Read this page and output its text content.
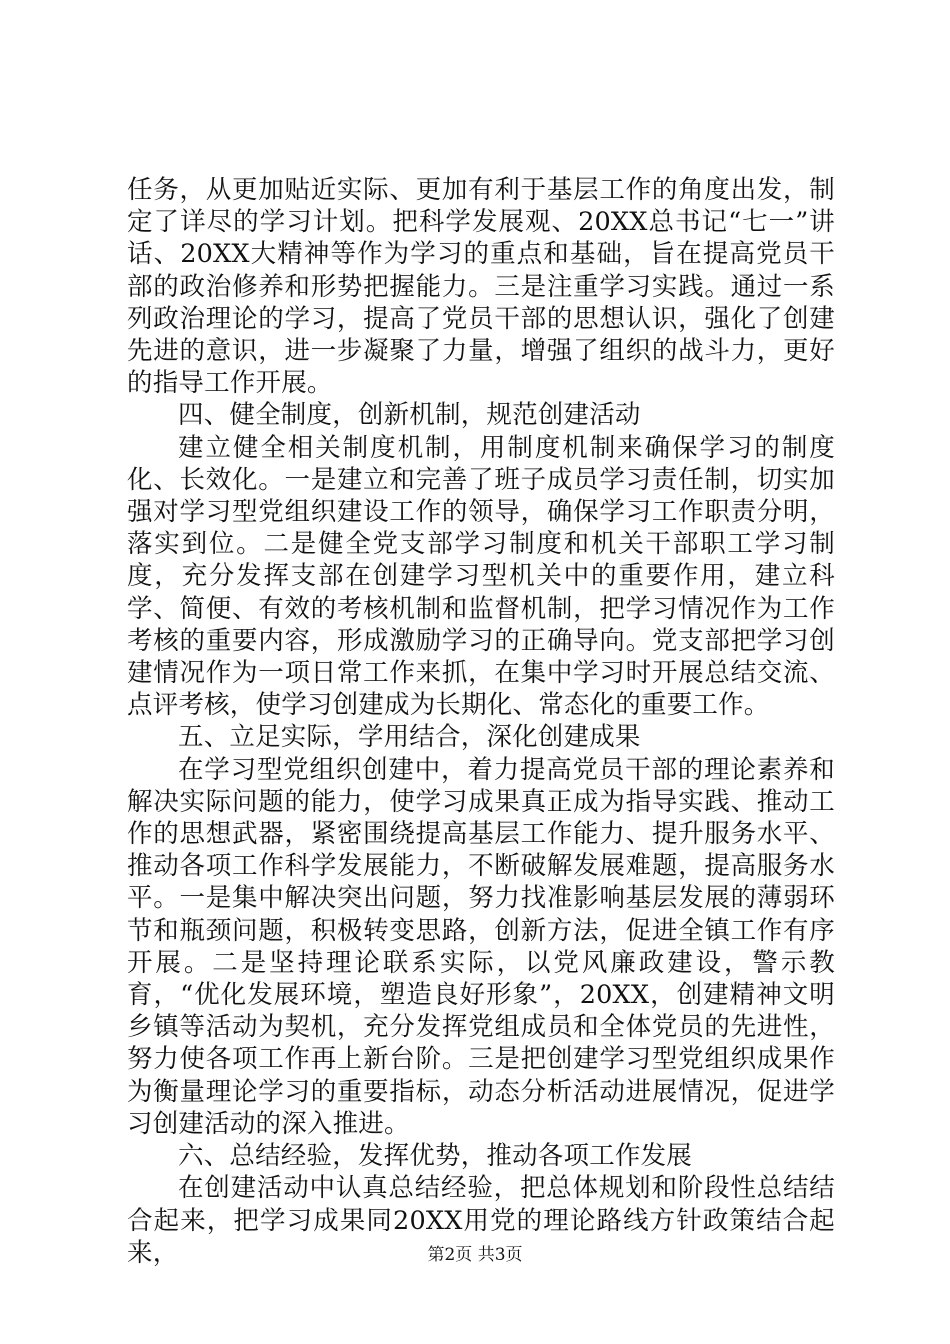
任务，从更加贴近实际、更加有利于基层工作的角度出发，制定了详尽的学习计划。把科学发展观、20XX总书记“七一”讲话、20XX大精神等作为学习的重点和基础，旨在提高党员干部的政治修养和形势把握能力。三是注重学习实践。通过一系列政治理论的学习，提高了党员干部的思想认识，强化了创建先进的意识，进一步凝聚了力量，增强了组织的战斗力，更好的指导工作开展。

四、健全制度，创新机制，规范创建活动

建立健全相关制度机制，用制度机制来确保学习的制度化、长效化。一是建立和完善了班子成员学习责任制，切实加强对学习型党组织建设工作的领导，确保学习工作职责分明，落实到位。二是健全党支部学习制度和机关干部职工学习制度，充分发挥支部在创建学习型机关中的重要作用，建立科学、简便、有效的考核机制和监督机制，把学习情况作为工作考核的重要内容，形成激励学习的正确导向。党支部把学习创建情况作为一项日常工作来抓，在集中学习时开展总结交流、点评考核，使学习创建成为长期化、常态化的重要工作。

五、立足实际，学用结合，深化创建成果

在学习型党组织创建中，着力提高党员干部的理论素养和解决实际问题的能力，使学习成果真正成为指导实践、推动工作的思想武器，紧密围绕提高基层工作能力、提升服务水平、推动各项工作科学发展能力，不断破解发展难题，提高服务水平。一是集中解决突出问题，努力找准影响基层发展的薄弱环节和瓶颈问题，积极转变思路，创新方法，促进全镇工作有序开展。二是坚持理论联系实际，以党风廉政建设，警示教育，“优化发展环境，塑造良好形象”，20XX，创建精神文明乡镇等活动为契机，充分发挥党组成员和全体党员的先进性，努力使各项工作再上新台阶。三是把创建学习型党组织成果作为衡量理论学习的重要指标，动态分析活动进展情况，促进学习创建活动的深入推进。

六、总结经验，发挥优势，推动各项工作发展

在创建活动中认真总结经验，把总体规划和阶段性总结结合起来，把学习成果同20XX用党的理论路线方针政策结合起来，	第2页 共3页
